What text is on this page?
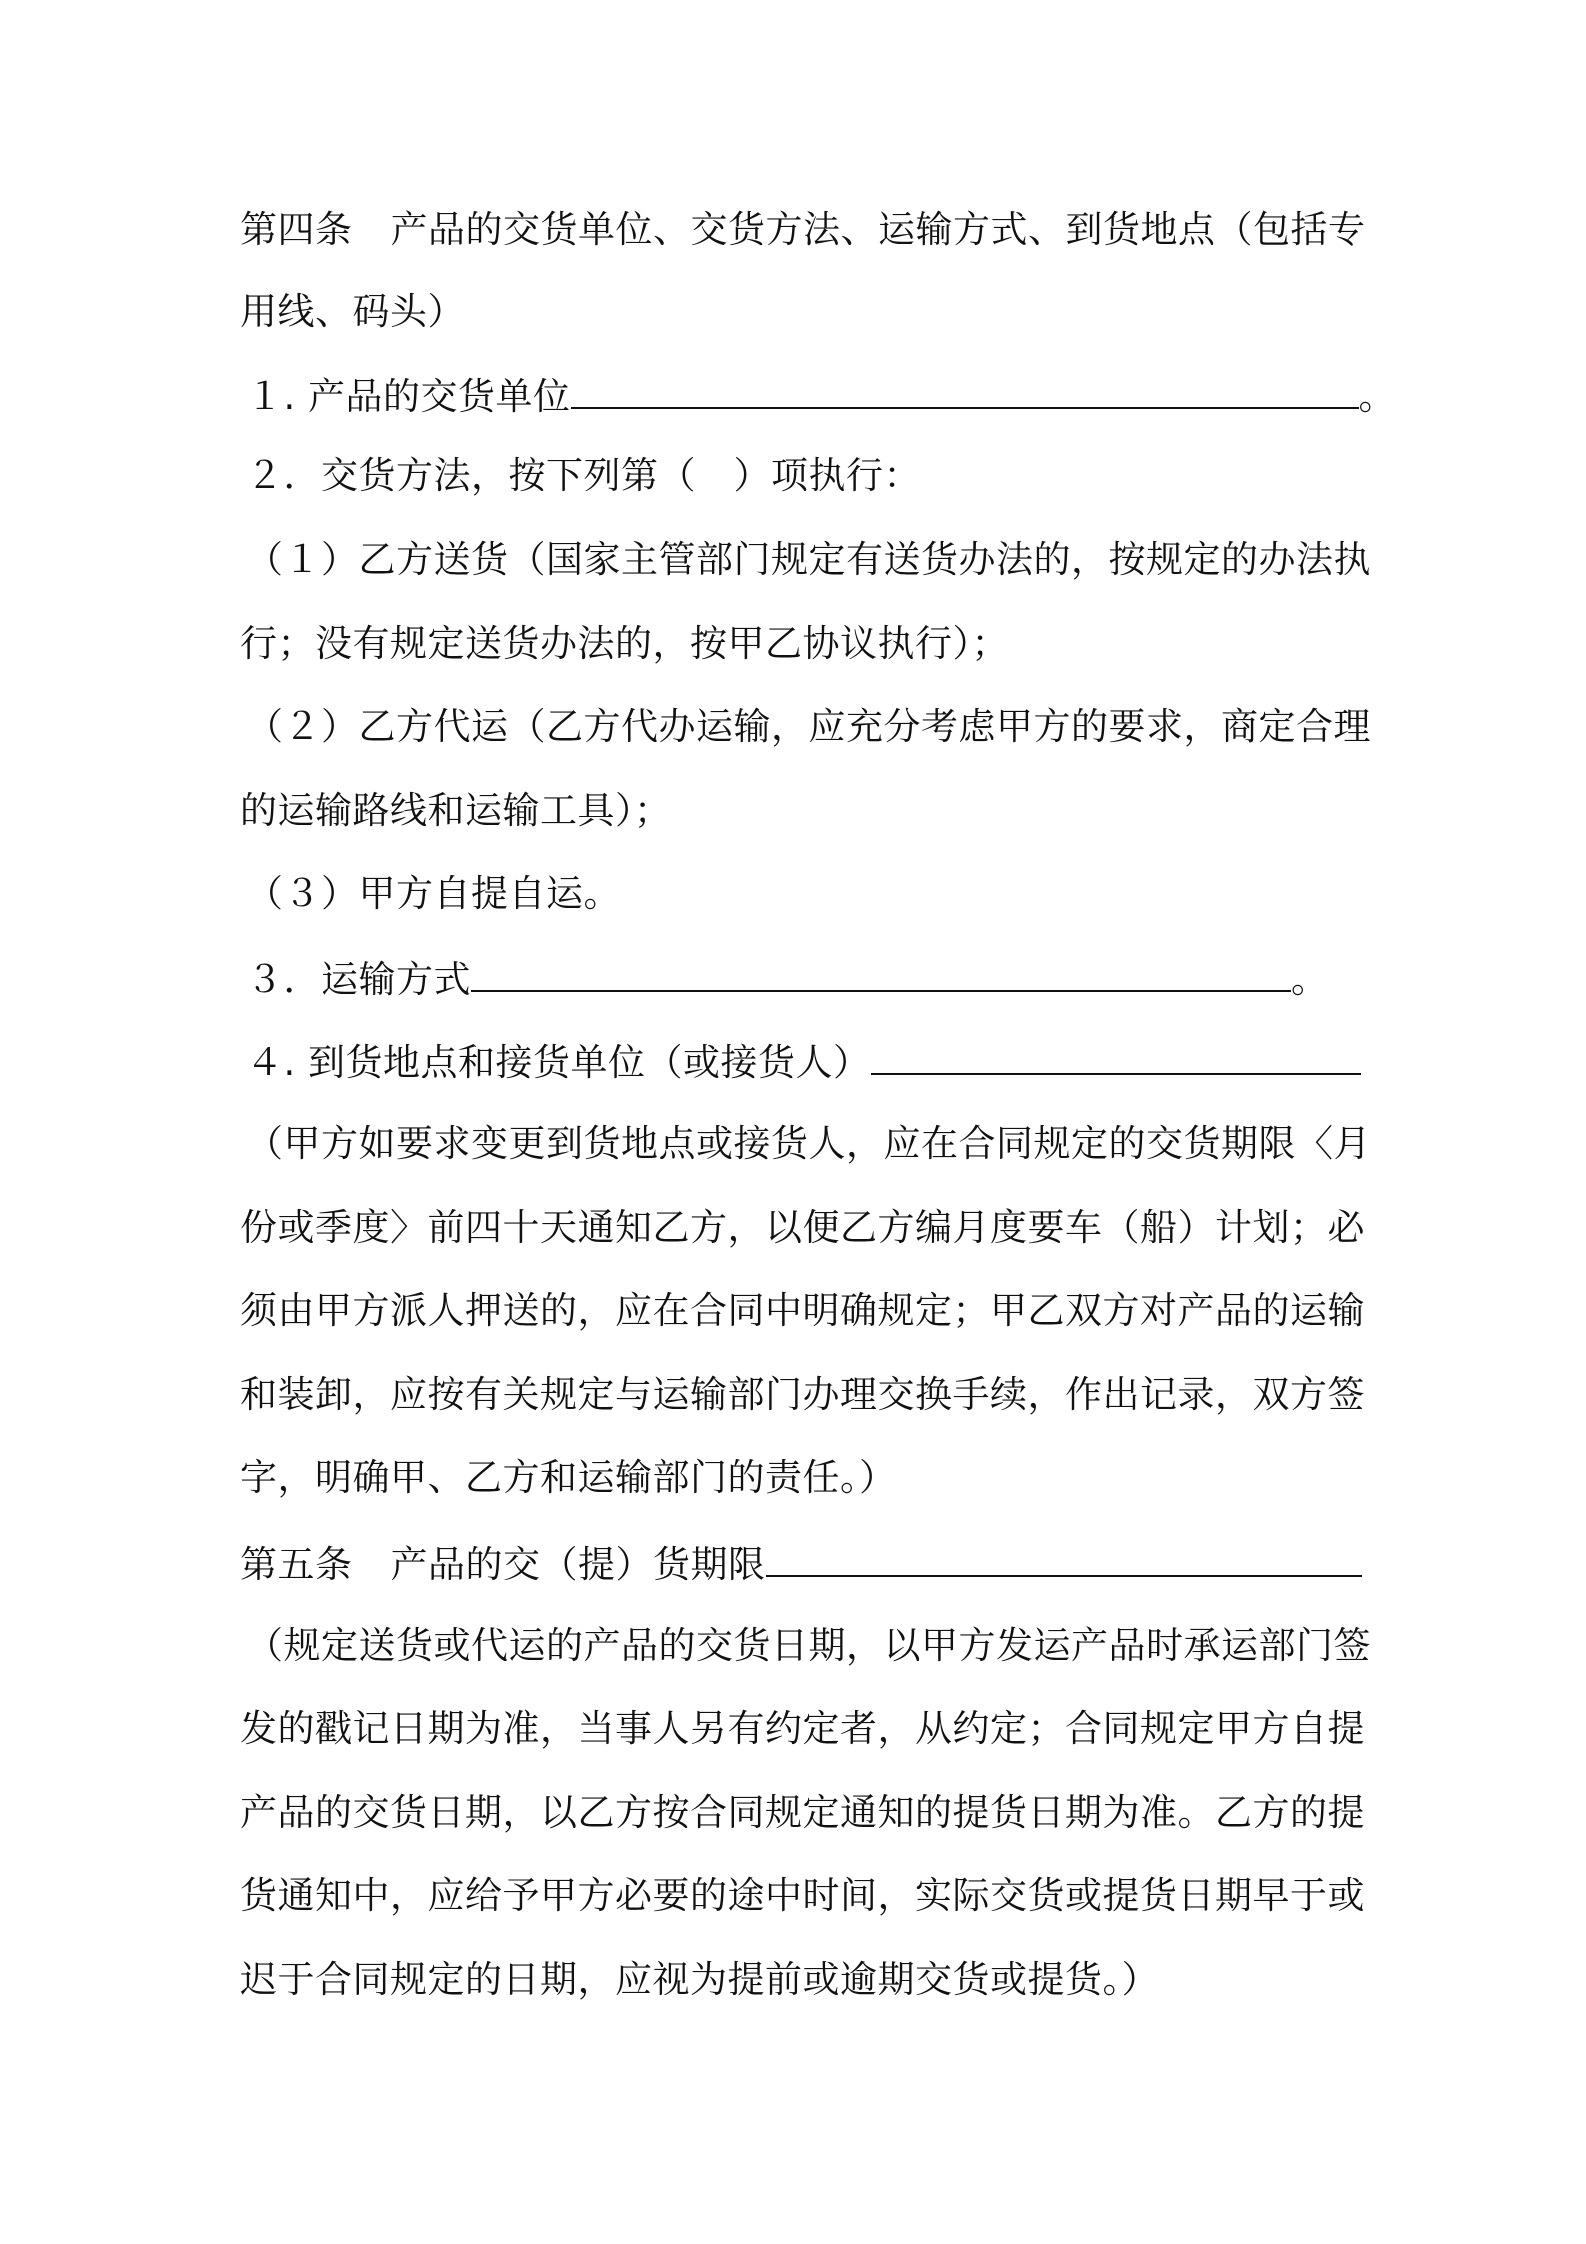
第四条 产品的交货单位、交货方法、运输方式、到货地点（包括专
用线、码头）
１. 产品的交货单位	。
２．交货方法，按下列第（　）项执行：
（１）乙方送货（国家主管部门规定有送货办法的，按规定的办法执
行；没有规定送货办法的，按甲乙协议执行）；
（２）乙方代运（乙方代办运输，应充分考虑甲方的要求，商定合理
的运输路线和运输工具）；
（３）甲方自提自运。
３．运输方式	。
４. 到货地点和接货单位（或接货人）
（甲方如要求变更到货地点或接货人，应在合同规定的交货期限〈月
份或季度〉前四十天通知乙方，以便乙方编月度要车（船）计划；必
须由甲方派人押送的，应在合同中明确规定；甲乙双方对产品的运输
和装卸，应按有关规定与运输部门办理交换手续，作出记录，双方签
字，明确甲、乙方和运输部门的责任。）
第五条 产品的交（提）货期限
（规定送货或代运的产品的交货日期，以甲方发运产品时承运部门签
发的戳记日期为准，当事人另有约定者，从约定；合同规定甲方自提
产品的交货日期，以乙方按合同规定通知的提货日期为准。乙方的提
货通知中，应给予甲方必要的途中时间，实际交货或提货日期早于或
迟于合同规定的日期，应视为提前或逾期交货或提货。）
